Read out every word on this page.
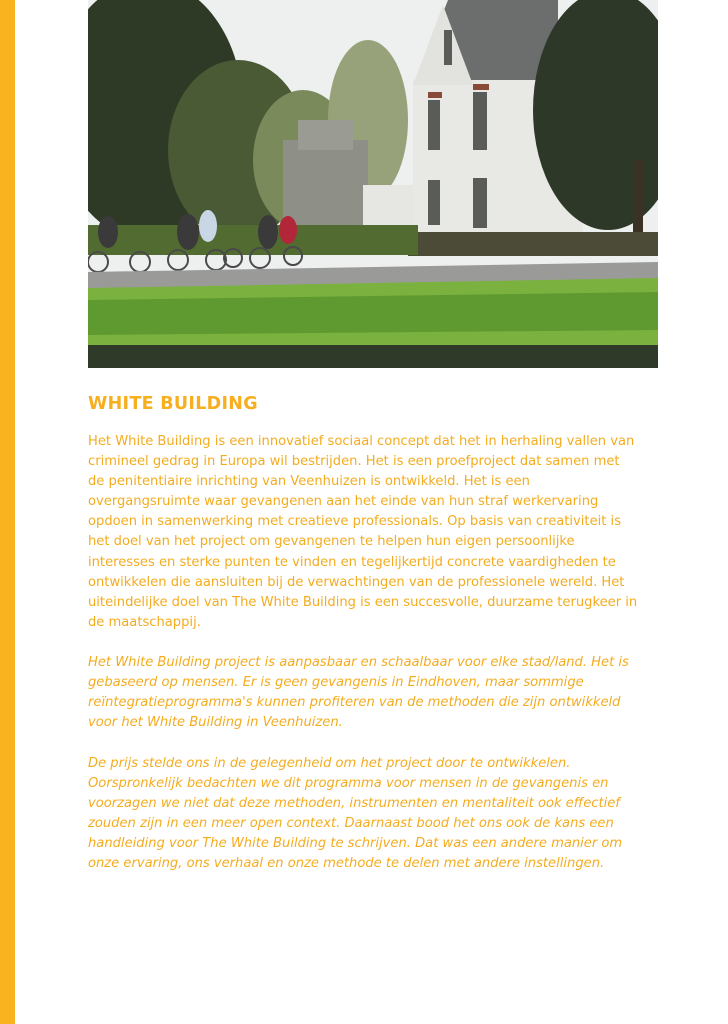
WHITE BUILDING

Het White Building is een innovatief sociaal concept dat het in herhaling vallen van crimineel gedrag in Europa wil bestrijden. Het is een proefproject dat samen met de penitentiaire inrichting van Veenhuizen is ontwikkeld. Het is een overgangsruimte waar gevangenen aan het einde van hun straf werkervaring opdoen in samenwerking met creatieve professionals. Op basis van creativiteit is het doel van het project om gevangenen te helpen hun eigen persoonlijke interesses en sterke punten te vinden en tegelijkertijd concrete vaardigheden te ontwikkelen die aansluiten bij de verwachtingen van de professionele wereld. Het uiteindelijke doel van The White Building is een succesvolle, duurzame terugkeer in de maatschappij.

Het White Building project is aanpasbaar en schaalbaar voor elke stad/land. Het is gebaseerd op mensen. Er is geen gevangenis in Eindhoven, maar sommige reïntegratieprogramma's kunnen profiteren van de methoden die zijn ontwikkeld voor het White Building in Veenhuizen.

De prijs stelde ons in de gelegenheid om het project door te ontwikkelen. Oorspronkelijk bedachten we dit programma voor mensen in de gevangenis en voorzagen we niet dat deze methoden, instrumenten en mentaliteit ook effectief zouden zijn in een meer open context. Daarnaast bood het ons ook de kans een handleiding voor The White Building te schrijven. Dat was een andere manier om onze ervaring, ons verhaal en onze methode te delen met andere instellingen.
